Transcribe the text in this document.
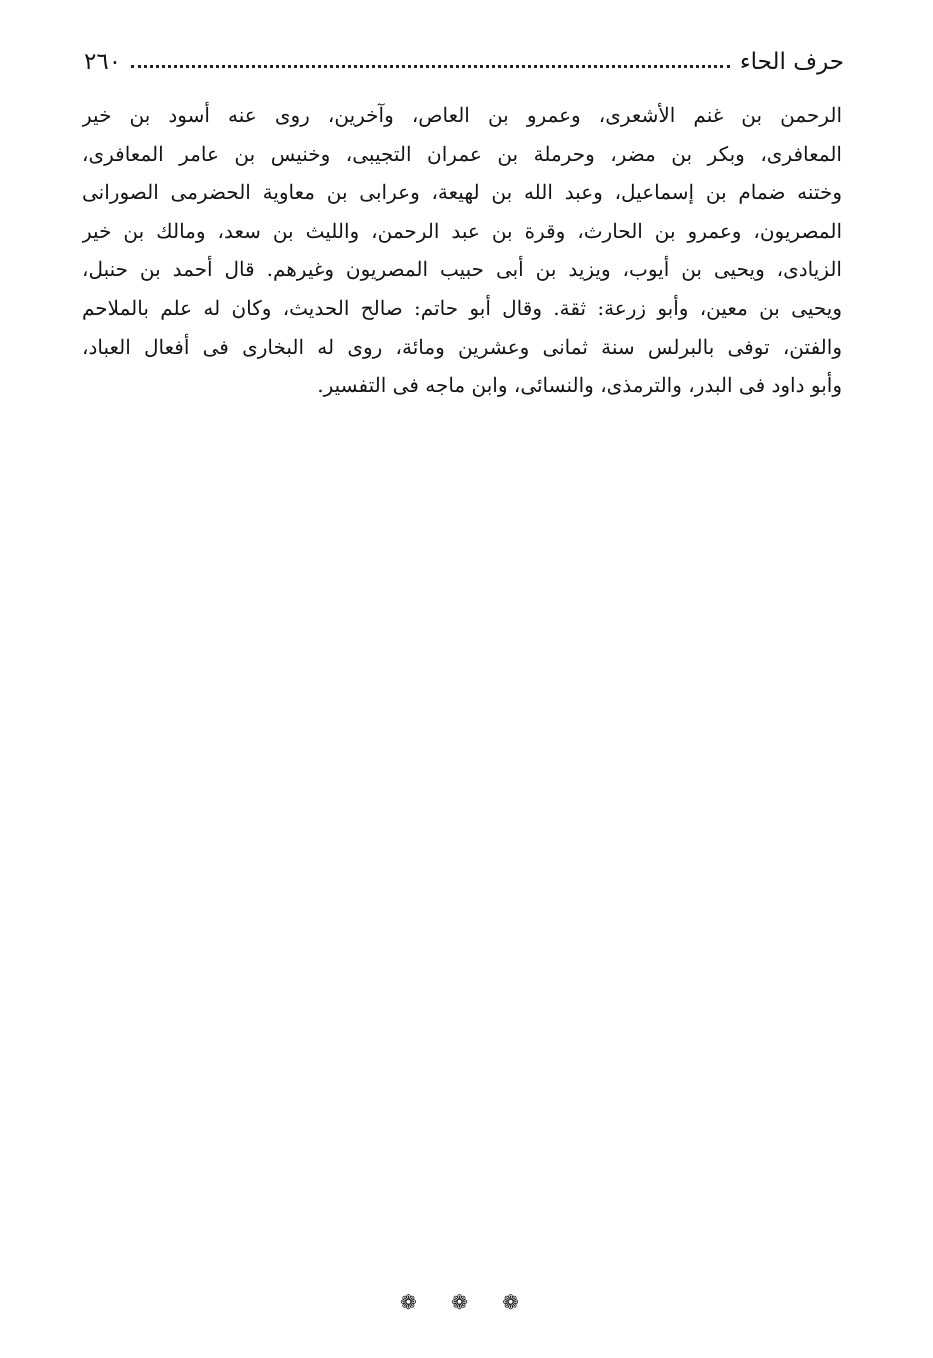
حرف الحاء
٢٦٠
الرحمن بن غنم الأشعرى، وعمرو بن العاص، وآخرين، روى عنه أسود بن خير
المعافرى، وبكر بن مضر، وحرملة بن عمران التجيبى، وخنيس بن عامر المعافرى،
وختنه ضمام بن إسماعيل، وعبد الله بن لهيعة، وعرابى بن معاوية الحضرمى الصورانى
المصريون، وعمرو بن الحارث، وقرة بن عبد الرحمن، والليث بن سعد، ومالك بن خير
الزيادى، ويحيى بن أيوب، ويزيد بن أبى حبيب المصريون وغيرهم. قال أحمد بن حنبل،
ويحيى بن معين، وأبو زرعة: ثقة. وقال أبو حاتم: صالح الحديث، وكان له علم بالملاحم
والفتن، توفى بالبرلس سنة ثمانى وعشرين ومائة، روى له البخارى فى أفعال العباد،
وأبو داود فى البدر، والترمذى، والنسائى، وابن ماجه فى التفسير.
❁ ❁ ❁
